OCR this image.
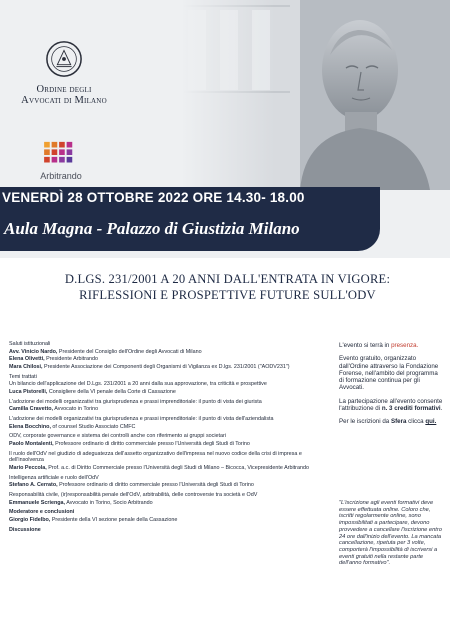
Ordine degli
Avvocati di Milano
Arbitrando
VENERDÌ 28 OTTOBRE 2022 ORE 14.30- 18.00
Aula Magna - Palazzo di Giustizia Milano
D.LGS. 231/2001 A 20 ANNI DALL'ENTRATA IN VIGORE:
RIFLESSIONI E PROSPETTIVE FUTURE SULL'ODV
Saluti istituzionali
Avv. Vinicio Nardo, Presidente del Consiglio dell'Ordine degli Avvocati di Milano
Elena Olivetti, Presidente Arbitrando
Mara Chilosi, Presidente Associazione dei Componenti degli Organismi di Vigilanza ex D.lgs. 231/2001 ("AODV231")
Temi trattati
Un bilancio dell'applicazione del D.Lgs. 231/2001 a 20 anni dalla sua approvazione, tra criticità e prospettive
Luca Pistorelli, Consigliere della VI penale della Corte di Cassazione
L'adozione dei modelli organizzativi tra giurisprudenza e prassi imprenditoriale: il punto di vista dei giurista
Camilla Cravetto, Avvocato in Torino
L'adozione dei modelli organizzativi tra giurisprudenza e prassi imprenditoriale: il punto di vista dell'aziendalista
Elena Bocchino, of counsel Studio Associato CMFC
ODV, corporate governance e sistema dei controlli anche con riferimento ai gruppi societari
Paolo Montalenti, Professore ordinario di diritto commerciale presso l'Università degli Studi di Torino
Il ruolo dell'OdV nel giudizio di adeguatezza dell'assetto organizzativo dell'impresa nel nuovo codice della crisi di impresa e dell'insolvenza
Mario Peccola, Prof. a.c. di Diritto Commerciale presso l'Università degli Studi di Milano – Bicocca, Vicepresidente Arbitrando
Intelligenza artificiale e ruolo dell'OdV
Stefano A. Cerrato, Professore ordinario di diritto commerciale presso l'Università degli Studi di Torino
Responsabilità civile, (ir)responsabilità penale dell'OdV, arbitrabilità, delle controversie tra società e OdV
Emmanuele Scrienga, Avvocato in Torino, Socio Arbitrando
Moderatore e conclusioni
Giorgio Fidelbo, Presidente della VI sezione penale della Cassazione
Discussione

L'evento si terrà in presenza.

Evento gratuito, organizzato dall'Ordine attraverso la Fondazione Forense, nell'ambito del programma di formazione continua per gli Avvocati.

La partecipazione all'evento consente l'attribuzione di n. 3 crediti formativi.

Per le iscrizioni da Sfera clicca qui.

"L'iscrizione agli eventi formativi deve essere effettuata online. Coloro che, iscritti regolarmente online, sono impossibilitati a partecipare, devono provvedere a cancellare l'iscrizione entro 24 ore dall'inizio dell'evento. La mancata cancellazione, ripetuta per 3 volte, comporterà l'impossibilità di iscriversi a eventi gratuiti nella restante parte dell'anno formativo".
